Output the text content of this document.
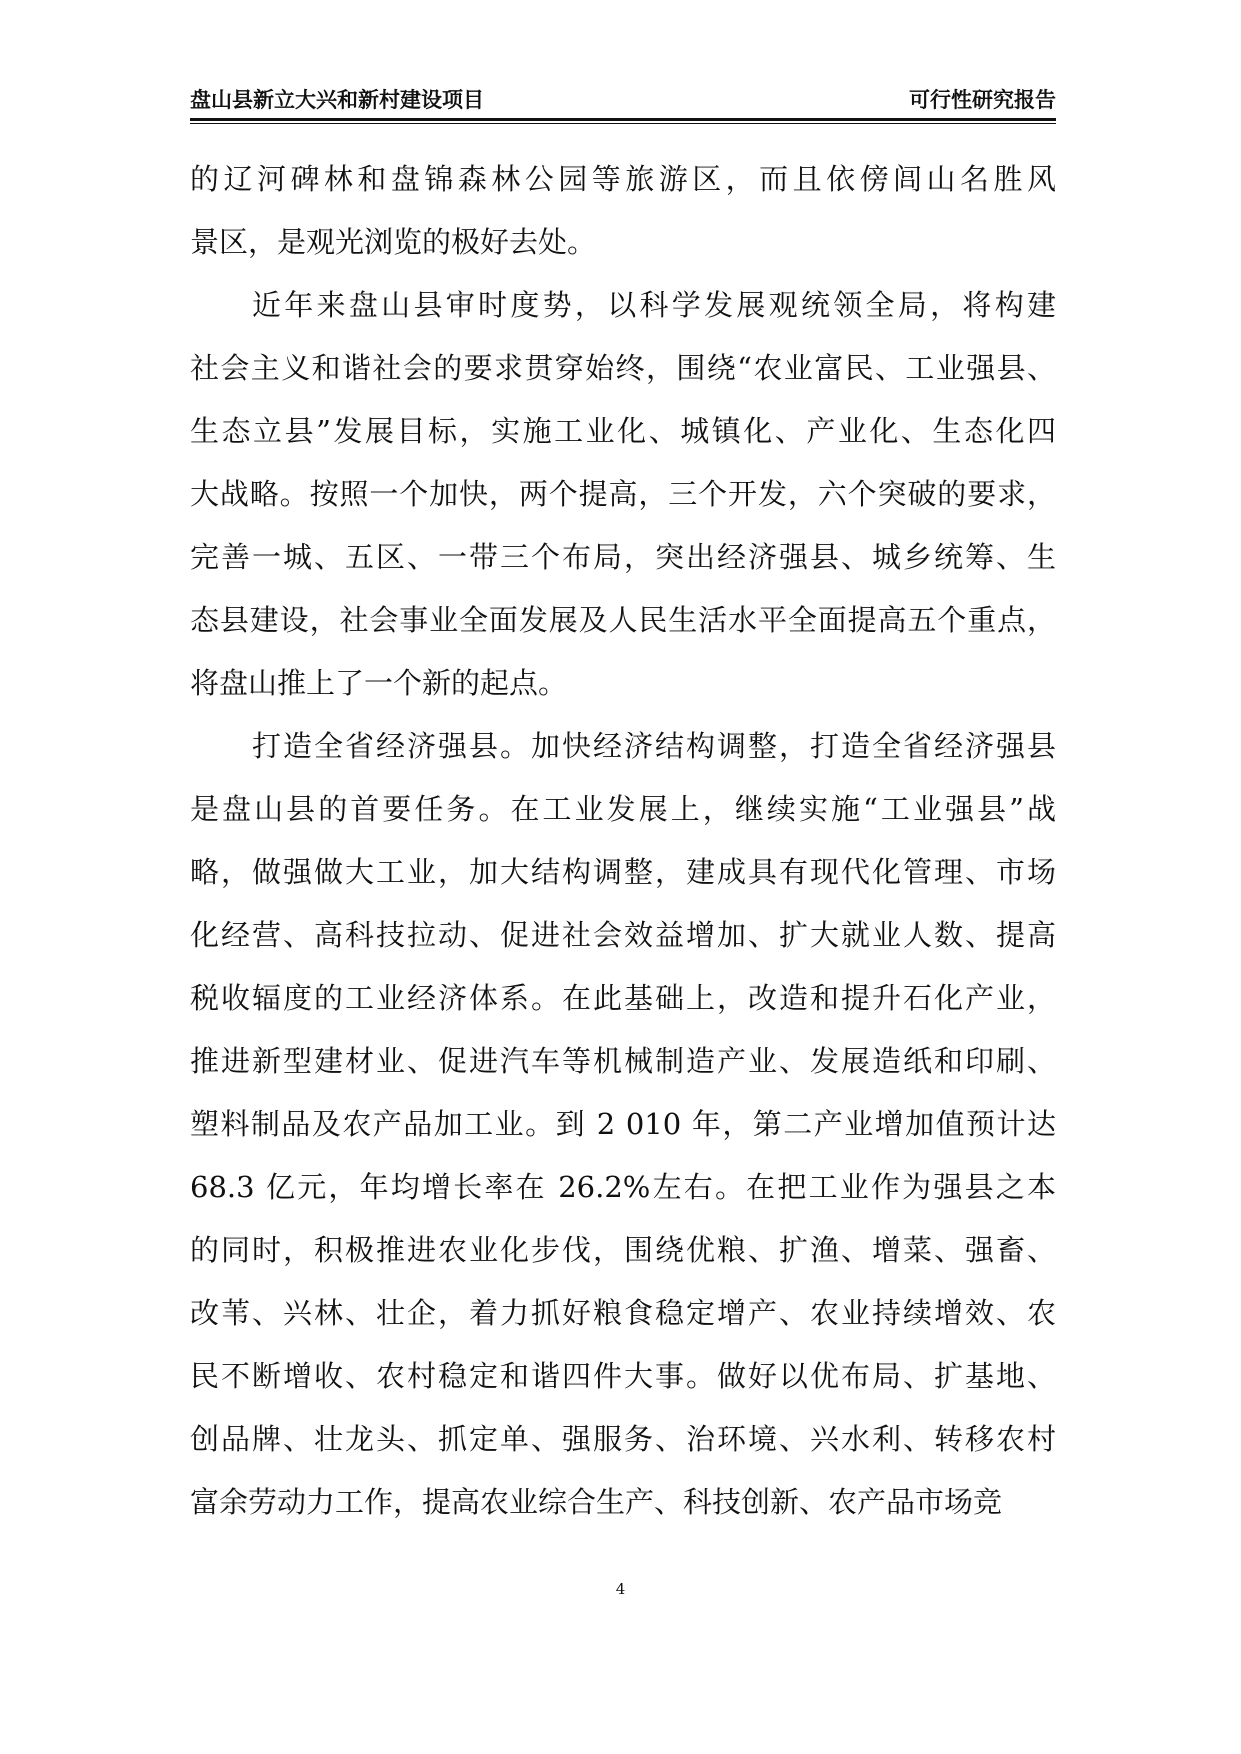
盘山县新立大兴和新村建设项目	可行性研究报告
的辽河碑林和盘锦森林公园等旅游区，而且依傍闾山名胜风
景区，是观光浏览的极好去处。
近年来盘山县审时度势，以科学发展观统领全局，将构建
社会主义和谐社会的要求贯穿始终，围绕“农业富民、工业强县、
生态立县”发展目标，实施工业化、城镇化、产业化、生态化四
大战略。按照一个加快，两个提高，三个开发，六个突破的要求，
完善一城、五区、一带三个布局，突出经济强县、城乡统筹、生
态县建设，社会事业全面发展及人民生活水平全面提高五个重点，
将盘山推上了一个新的起点。
打造全省经济强县。加快经济结构调整，打造全省经济强县
是盘山县的首要任务。在工业发展上，继续实施“工业强县”战
略，做强做大工业，加大结构调整，建成具有现代化管理、市场
化经营、高科技拉动、促进社会效益增加、扩大就业人数、提高
税收辐度的工业经济体系。在此基础上，改造和提升石化产业，
推进新型建材业、促进汽车等机械制造产业、发展造纸和印刷、
塑料制品及农产品加工业。到 2 010 年，第二产业增加值预计达
68.3 亿元，年均增长率在 26.2%左右。在把工业作为强县之本
的同时，积极推进农业化步伐，围绕优粮、扩渔、增菜、强畜、
改苇、兴林、壮企，着力抓好粮食稳定增产、农业持续增效、农
民不断增收、农村稳定和谐四件大事。做好以优布局、扩基地、
创品牌、壮龙头、抓定单、强服务、治环境、兴水利、转移农村
富余劳动力工作，提高农业综合生产、科技创新、农产品市场竞
4
